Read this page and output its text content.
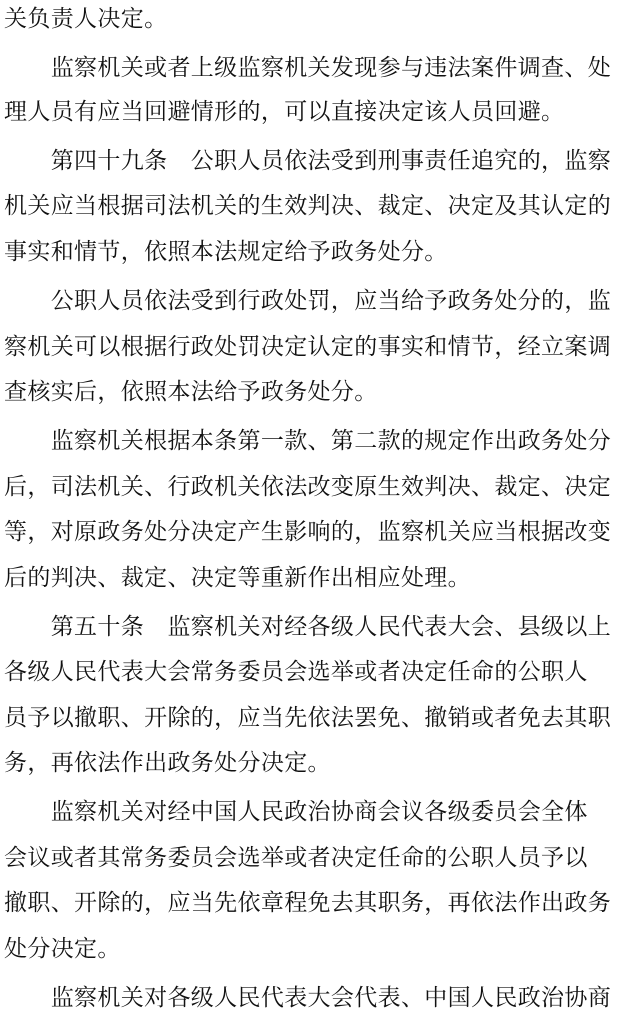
关负责人决定。
　　监察机关或者上级监察机关发现参与违法案件调查、处
理人员有应当回避情形的，可以直接决定该人员回避。
　　第四十九条　公职人员依法受到刑事责任追究的，监察
机关应当根据司法机关的生效判决、裁定、决定及其认定的
事实和情节，依照本法规定给予政务处分。
　　公职人员依法受到行政处罚，应当给予政务处分的，监
察机关可以根据行政处罚决定认定的事实和情节，经立案调
查核实后，依照本法给予政务处分。
　　监察机关根据本条第一款、第二款的规定作出政务处分
后，司法机关、行政机关依法改变原生效判决、裁定、决定
等，对原政务处分决定产生影响的，监察机关应当根据改变
后的判决、裁定、决定等重新作出相应处理。
　　第五十条　监察机关对经各级人民代表大会、县级以上
各级人民代表大会常务委员会选举或者决定任命的公职人
员予以撤职、开除的，应当先依法罢免、撤销或者免去其职
务，再依法作出政务处分决定。
　　监察机关对经中国人民政治协商会议各级委员会全体
会议或者其常务委员会选举或者决定任命的公职人员予以
撤职、开除的，应当先依章程免去其职务，再依法作出政务
处分决定。
　　监察机关对各级人民代表大会代表、中国人民政治协商
